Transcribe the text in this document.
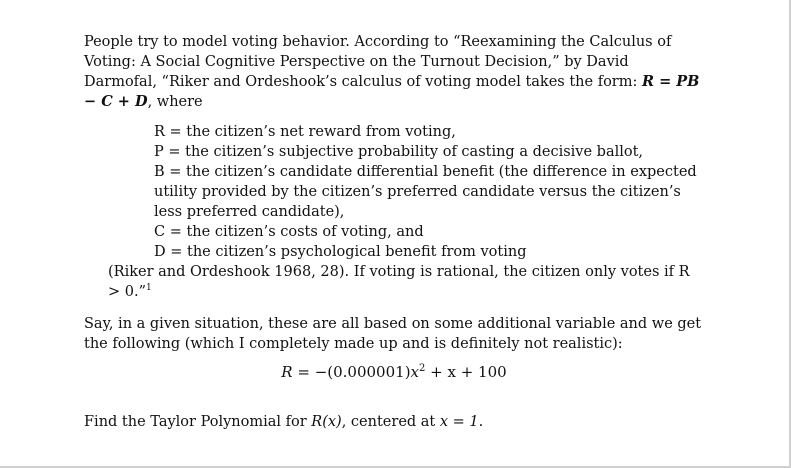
People try to model voting behavior. According to “Reexamining the Calculus of Voting: A Social Cognitive Perspective on the Turnout Decision,” by David Darmofal, “Riker and Ordeshook’s calculus of voting model takes the form: R = PB − C + D, where

R = the citizen’s net reward from voting,
P = the citizen’s subjective probability of casting a decisive ballot,
B = the citizen’s candidate differential benefit (the difference in expected utility provided by the citizen’s preferred candidate versus the citizen’s less preferred candidate),
C = the citizen’s costs of voting, and
D = the citizen’s psychological benefit from voting
(Riker and Ordeshook 1968, 28). If voting is rational, the citizen only votes if R > 0.”$^1$

Say, in a given situation, these are all based on some additional variable and we get the following (which I completely made up and is definitely not realistic):

$R = -(0.000001)x^2 + x + 100$

Find the Taylor Polynomial for R(x), centered at x = 1.
